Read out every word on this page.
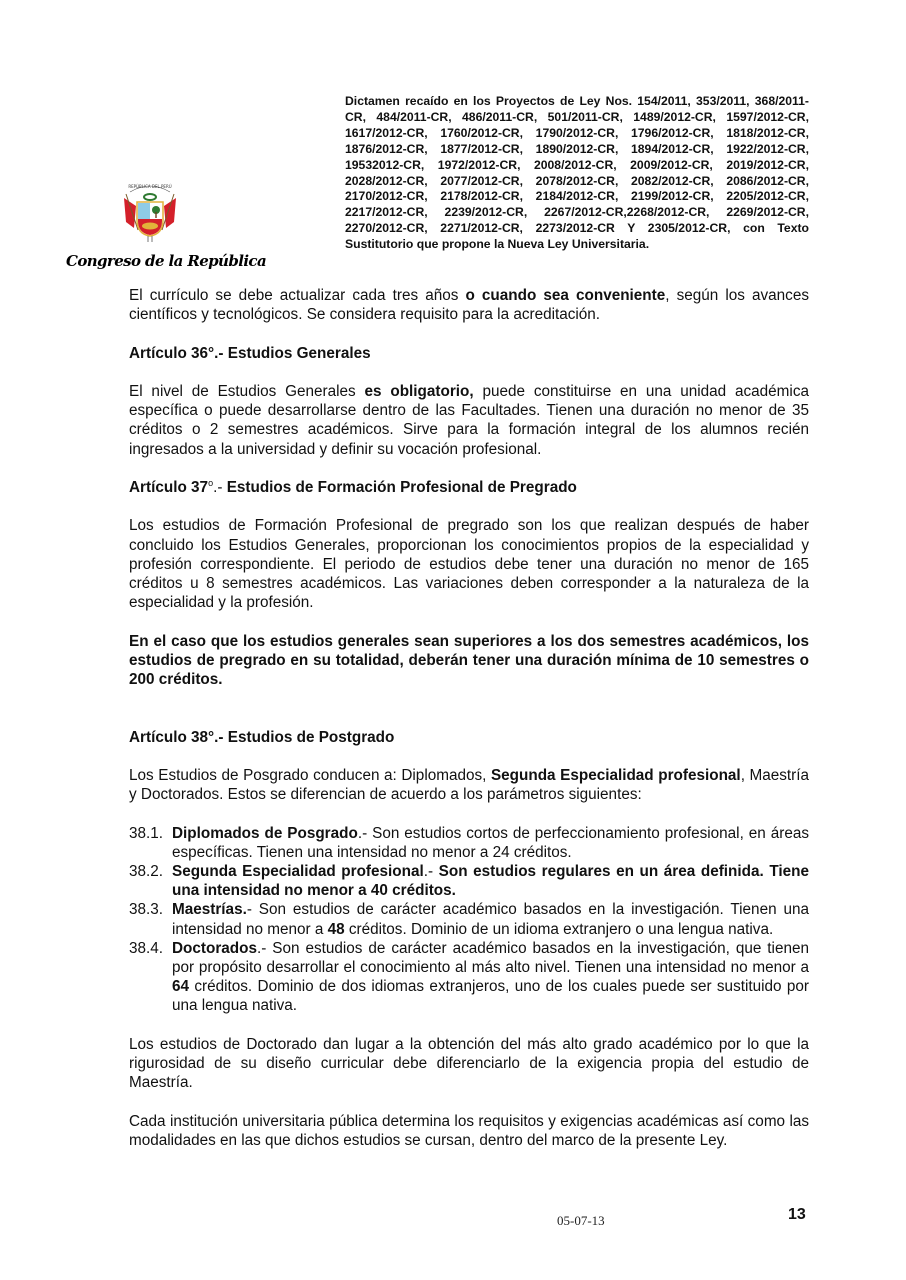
REPÚBLICA DEL PERÚ
Congreso de la República
Dictamen recaído en los Proyectos de Ley Nos. 154/2011, 353/2011, 368/2011-CR, 484/2011-CR, 486/2011-CR, 501/2011-CR, 1489/2012-CR, 1597/2012-CR, 1617/2012-CR, 1760/2012-CR, 1790/2012-CR, 1796/2012-CR, 1818/2012-CR, 1876/2012-CR, 1877/2012-CR, 1890/2012-CR, 1894/2012-CR, 1922/2012-CR, 19532012-CR, 1972/2012-CR, 2008/2012-CR, 2009/2012-CR, 2019/2012-CR, 2028/2012-CR, 2077/2012-CR, 2078/2012-CR, 2082/2012-CR, 2086/2012-CR, 2170/2012-CR, 2178/2012-CR, 2184/2012-CR, 2199/2012-CR, 2205/2012-CR, 2217/2012-CR, 2239/2012-CR, 2267/2012-CR,2268/2012-CR, 2269/2012-CR, 2270/2012-CR, 2271/2012-CR, 2273/2012-CR Y 2305/2012-CR, con Texto Sustitutorio que propone la Nueva Ley Universitaria.

El currículo se debe actualizar cada tres años o cuando sea conveniente, según los avances científicos y tecnológicos. Se considera requisito para la acreditación.

Artículo 36°.- Estudios Generales

El nivel de Estudios Generales es obligatorio, puede constituirse en una unidad académica específica o puede desarrollarse dentro de las Facultades. Tienen una duración no menor de 35 créditos o 2 semestres académicos. Sirve para la formación integral de los alumnos recién ingresados a la universidad y definir su vocación profesional.

Artículo 37$^o$.- Estudios de Formación Profesional de Pregrado

Los estudios de Formación Profesional de pregrado son los que realizan después de haber concluido los Estudios Generales, proporcionan los conocimientos propios de la especialidad y profesión correspondiente. El periodo de estudios debe tener una duración no menor de 165 créditos u 8 semestres académicos. Las variaciones deben corresponder a la naturaleza de la especialidad y la profesión.

En el caso que los estudios generales sean superiores a los dos semestres académicos, los estudios de pregrado en su totalidad, deberán tener una duración mínima de 10 semestres o 200 créditos.

Artículo 38°.- Estudios de Postgrado

Los Estudios de Posgrado conducen a: Diplomados, Segunda Especialidad profesional, Maestría y Doctorados. Estos se diferencian de acuerdo a los parámetros siguientes:

38.1. Diplomados de Posgrado.- Son estudios cortos de perfeccionamiento profesional, en áreas específicas. Tienen una intensidad no menor a 24 créditos.
38.2. Segunda Especialidad profesional.- Son estudios regulares en un área definida. Tiene una intensidad no menor a 40 créditos.
38.3. Maestrías.- Son estudios de carácter académico basados en la investigación. Tienen una intensidad no menor a 48 créditos. Dominio de un idioma extranjero o una lengua nativa.
38.4. Doctorados.- Son estudios de carácter académico basados en la investigación, que tienen por propósito desarrollar el conocimiento al más alto nivel. Tienen una intensidad no menor a 64 créditos. Dominio de dos idiomas extranjeros, uno de los cuales puede ser sustituido por una lengua nativa.

Los estudios de Doctorado dan lugar a la obtención del más alto grado académico por lo que la rigurosidad de su diseño curricular debe diferenciarlo de la exigencia propia del estudio de Maestría.

Cada institución universitaria pública determina los requisitos y exigencias académicas así como las modalidades en las que dichos estudios se cursan, dentro del marco de la presente Ley.

05-07-13	13
